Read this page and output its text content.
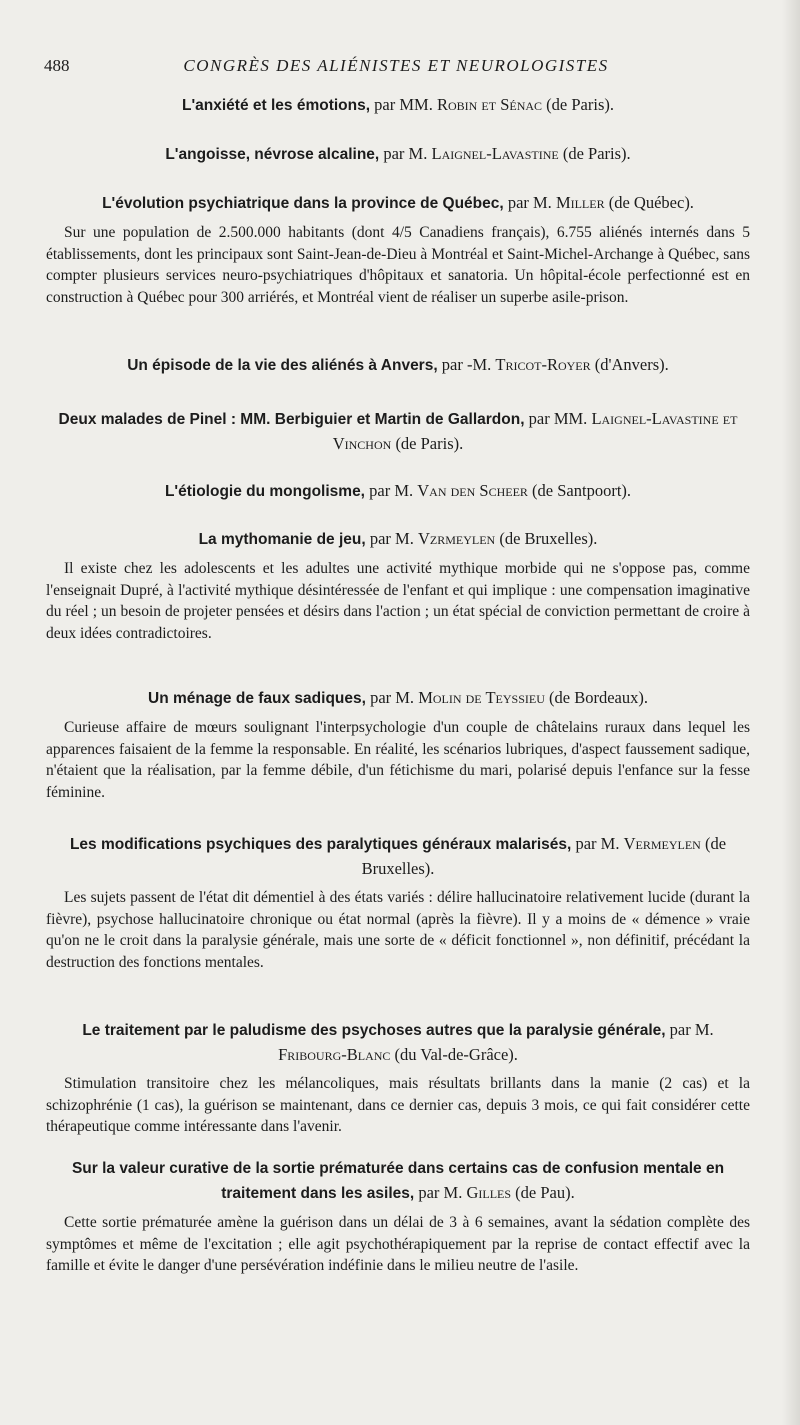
488	CONGRÈS DES ALIÉNISTES ET NEUROLOGISTES

L'anxiété et les émotions, par MM. Robin et Sénac (de Paris).

L'angoisse, névrose alcaline, par M. Laignel-Lavastine (de Paris).

L'évolution psychiatrique dans la province de Québec, par M. Miller (de Québec).

Sur une population de 2.500.000 habitants (dont 4/5 Canadiens français), 6.755 aliénés internés dans 5 établissements, dont les principaux sont Saint-Jean-de-Dieu à Montréal et Saint-Michel-Archange à Québec, sans compter plusieurs services neuro-psychiatriques d'hôpitaux et sanatoria. Un hôpital-école perfectionné est en construction à Québec pour 300 arriérés, et Montréal vient de réaliser un superbe asile-prison.

Un épisode de la vie des aliénés à Anvers, par -M. Tricot-Royer (d'Anvers).

Deux malades de Pinel : MM. Berbiguier et Martin de Gallardon, par MM. Laignel-Lavastine et Vinchon (de Paris).

L'étiologie du mongolisme, par M. Van den Scheer (de Santpoort).

La mythomanie de jeu, par M. Vzrmeylen (de Bruxelles).

Il existe chez les adolescents et les adultes une activité mythique morbide qui ne s'oppose pas, comme l'enseignait Dupré, à l'activité mythique désintéressée de l'enfant et qui implique : une compensation imaginative du réel ; un besoin de projeter pensées et désirs dans l'action ; un état spécial de conviction permettant de croire à deux idées contradictoires.

Un ménage de faux sadiques, par M. Molin de Teyssieu (de Bordeaux).

Curieuse affaire de mœurs soulignant l'interpsychologie d'un couple de châtelains ruraux dans lequel les apparences faisaient de la femme la responsable. En réalité, les scénarios lubriques, d'aspect faussement sadique, n'étaient que la réalisation, par la femme débile, d'un fétichisme du mari, polarisé depuis l'enfance sur la fesse féminine.

Les modifications psychiques des paralytiques généraux malarisés, par M. Vermeylen (de Bruxelles).

Les sujets passent de l'état dit démentiel à des états variés : délire hallucinatoire relativement lucide (durant la fièvre), psychose hallucinatoire chronique ou état normal (après la fièvre). Il y a moins de « démence » vraie qu'on ne le croit dans la paralysie générale, mais une sorte de « déficit fonctionnel », non définitif, précédant la destruction des fonctions mentales.

Le traitement par le paludisme des psychoses autres que la paralysie générale, par M. Fribourg-Blanc (du Val-de-Grâce).

Stimulation transitoire chez les mélancoliques, mais résultats brillants dans la manie (2 cas) et la schizophrénie (1 cas), la guérison se maintenant, dans ce dernier cas, depuis 3 mois, ce qui fait considérer cette thérapeutique comme intéressante dans l'avenir.

Sur la valeur curative de la sortie prématurée dans certains cas de confusion mentale en traitement dans les asiles, par M. Gilles (de Pau).

Cette sortie prématurée amène la guérison dans un délai de 3 à 6 semaines, avant la sédation complète des symptômes et même de l'excitation ; elle agit psychothérapiquement par la reprise de contact effectif avec la famille et évite le danger d'une persévération indéfinie dans le milieu neutre de l'asile.
